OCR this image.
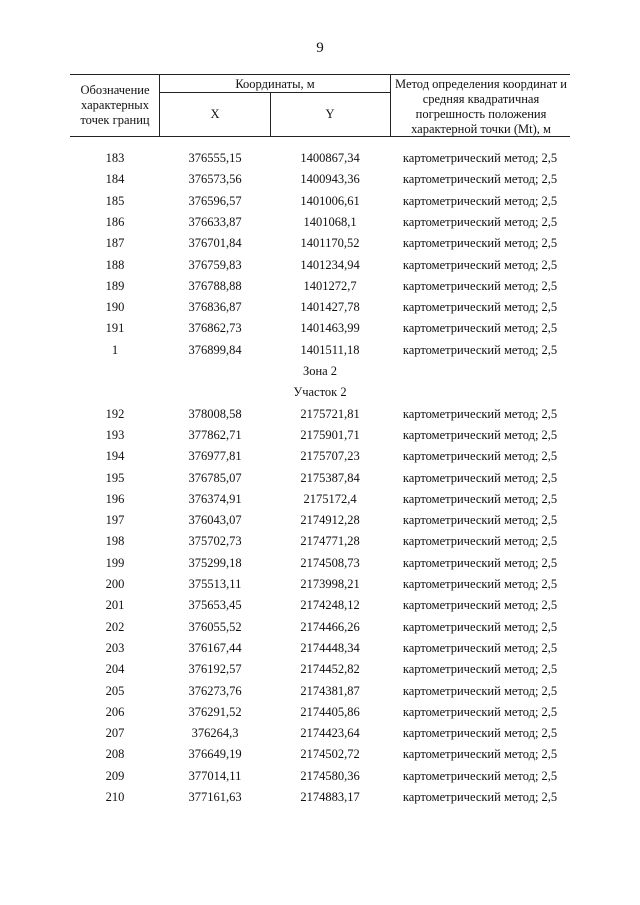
9
Обозначение характерных точек границ
Координаты, м
X	Y
Метод определения координат и средняя квадратичная погрешность положения характерной точки (Mt), м
183	376555,15	1400867,34	картометрический метод; 2,5
184	376573,56	1400943,36	картометрический метод; 2,5
185	376596,57	1401006,61	картометрический метод; 2,5
186	376633,87	1401068,1	картометрический метод; 2,5
187	376701,84	1401170,52	картометрический метод; 2,5
188	376759,83	1401234,94	картометрический метод; 2,5
189	376788,88	1401272,7	картометрический метод; 2,5
190	376836,87	1401427,78	картометрический метод; 2,5
191	376862,73	1401463,99	картометрический метод; 2,5
1	376899,84	1401511,18	картометрический метод; 2,5
Зона 2
Участок 2
192	378008,58	2175721,81	картометрический метод; 2,5
193	377862,71	2175901,71	картометрический метод; 2,5
194	376977,81	2175707,23	картометрический метод; 2,5
195	376785,07	2175387,84	картометрический метод; 2,5
196	376374,91	2175172,4	картометрический метод; 2,5
197	376043,07	2174912,28	картометрический метод; 2,5
198	375702,73	2174771,28	картометрический метод; 2,5
199	375299,18	2174508,73	картометрический метод; 2,5
200	375513,11	2173998,21	картометрический метод; 2,5
201	375653,45	2174248,12	картометрический метод; 2,5
202	376055,52	2174466,26	картометрический метод; 2,5
203	376167,44	2174448,34	картометрический метод; 2,5
204	376192,57	2174452,82	картометрический метод; 2,5
205	376273,76	2174381,87	картометрический метод; 2,5
206	376291,52	2174405,86	картометрический метод; 2,5
207	376264,3	2174423,64	картометрический метод; 2,5
208	376649,19	2174502,72	картометрический метод; 2,5
209	377014,11	2174580,36	картометрический метод; 2,5
210	377161,63	2174883,17	картометрический метод; 2,5
